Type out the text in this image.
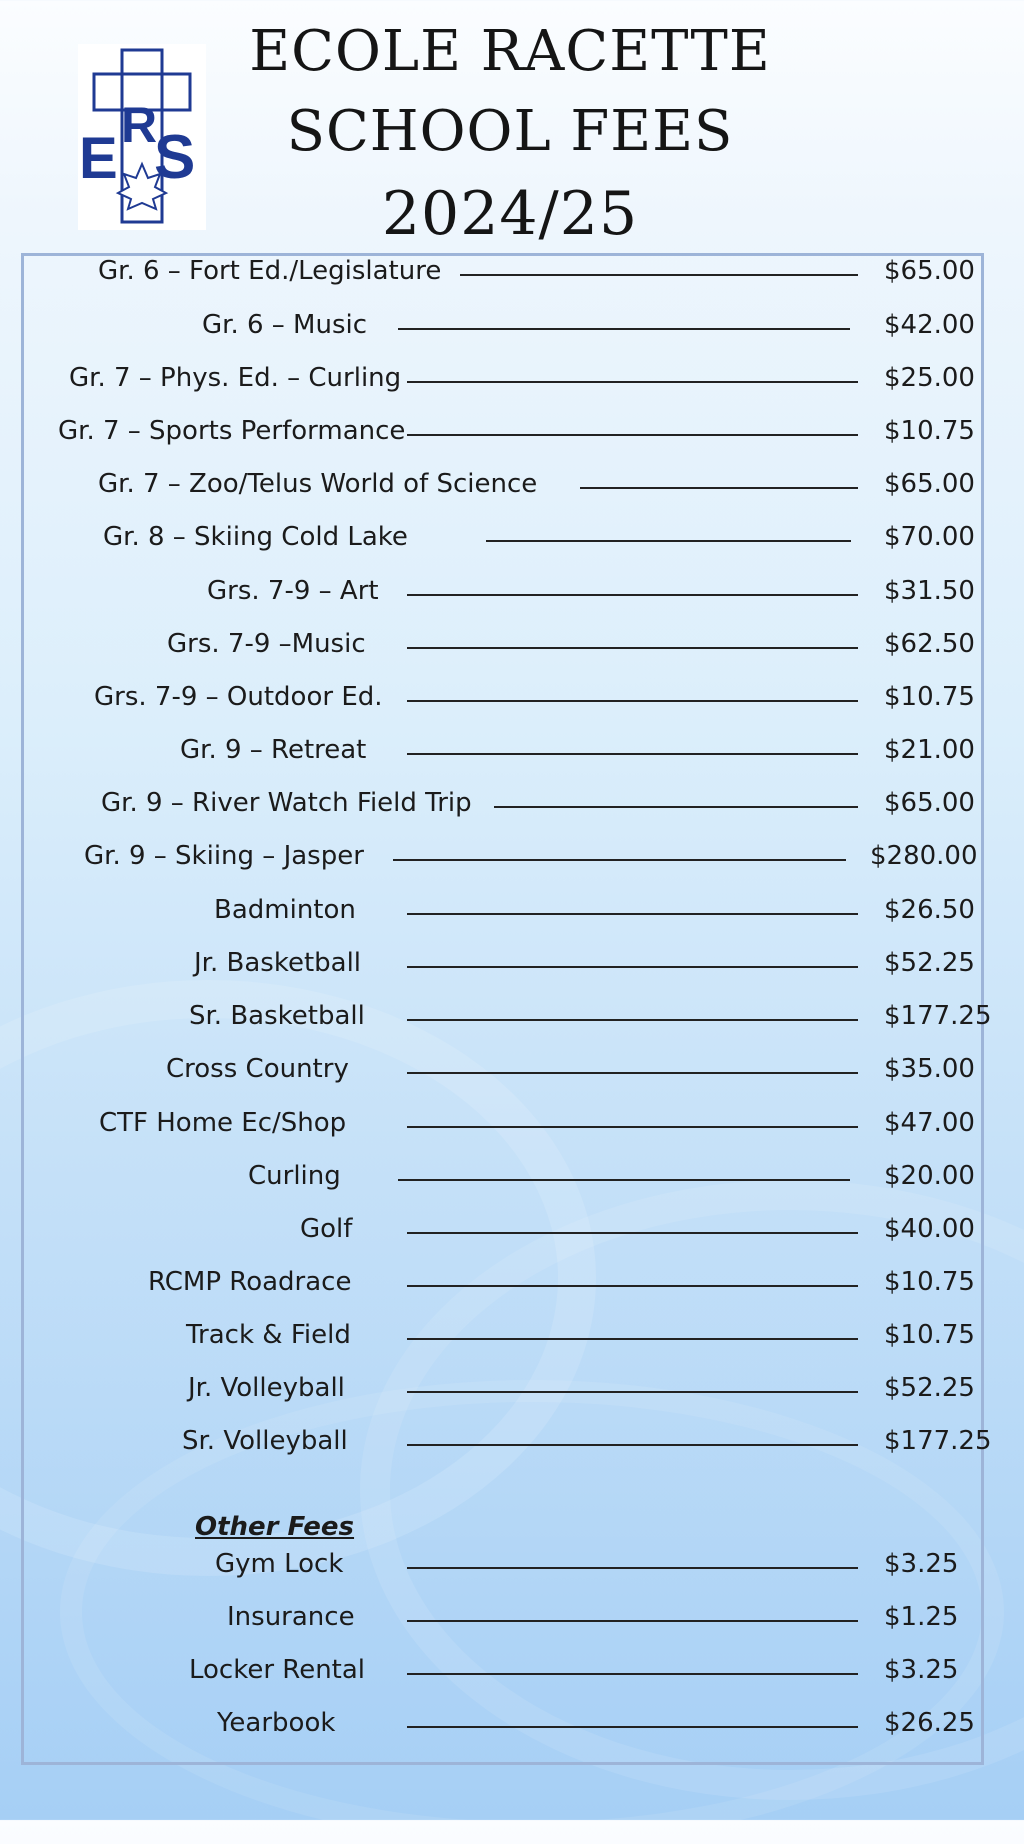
E
R
S
ECOLE RACETTE
SCHOOL FEES
2024/25
Gr. 6 – Fort Ed./Legislature	$65.00
Gr. 6 – Music	$42.00
Gr. 7 – Phys. Ed. – Curling	$25.00
Gr. 7 – Sports Performance	$10.75
Gr. 7 – Zoo/Telus World of Science	$65.00
Gr. 8 – Skiing Cold Lake	$70.00
Grs. 7-9 – Art	$31.50
Grs. 7-9 –Music	$62.50
Grs. 7-9 – Outdoor Ed.	$10.75
Gr. 9 – Retreat	$21.00
Gr. 9 – River Watch Field Trip	$65.00
Gr. 9 – Skiing – Jasper	$280.00
Badminton	$26.50
Jr. Basketball	$52.25
Sr. Basketball	$177.25
Cross Country	$35.00
CTF Home Ec/Shop	$47.00
Curling	$20.00
Golf	$40.00
RCMP Roadrace	$10.75
Track & Field	$10.75
Jr. Volleyball	$52.25
Sr. Volleyball	$177.25
Gym Lock	$3.25
Insurance	$1.25
Locker Rental	$3.25
Yearbook	$26.25
Other Fees
